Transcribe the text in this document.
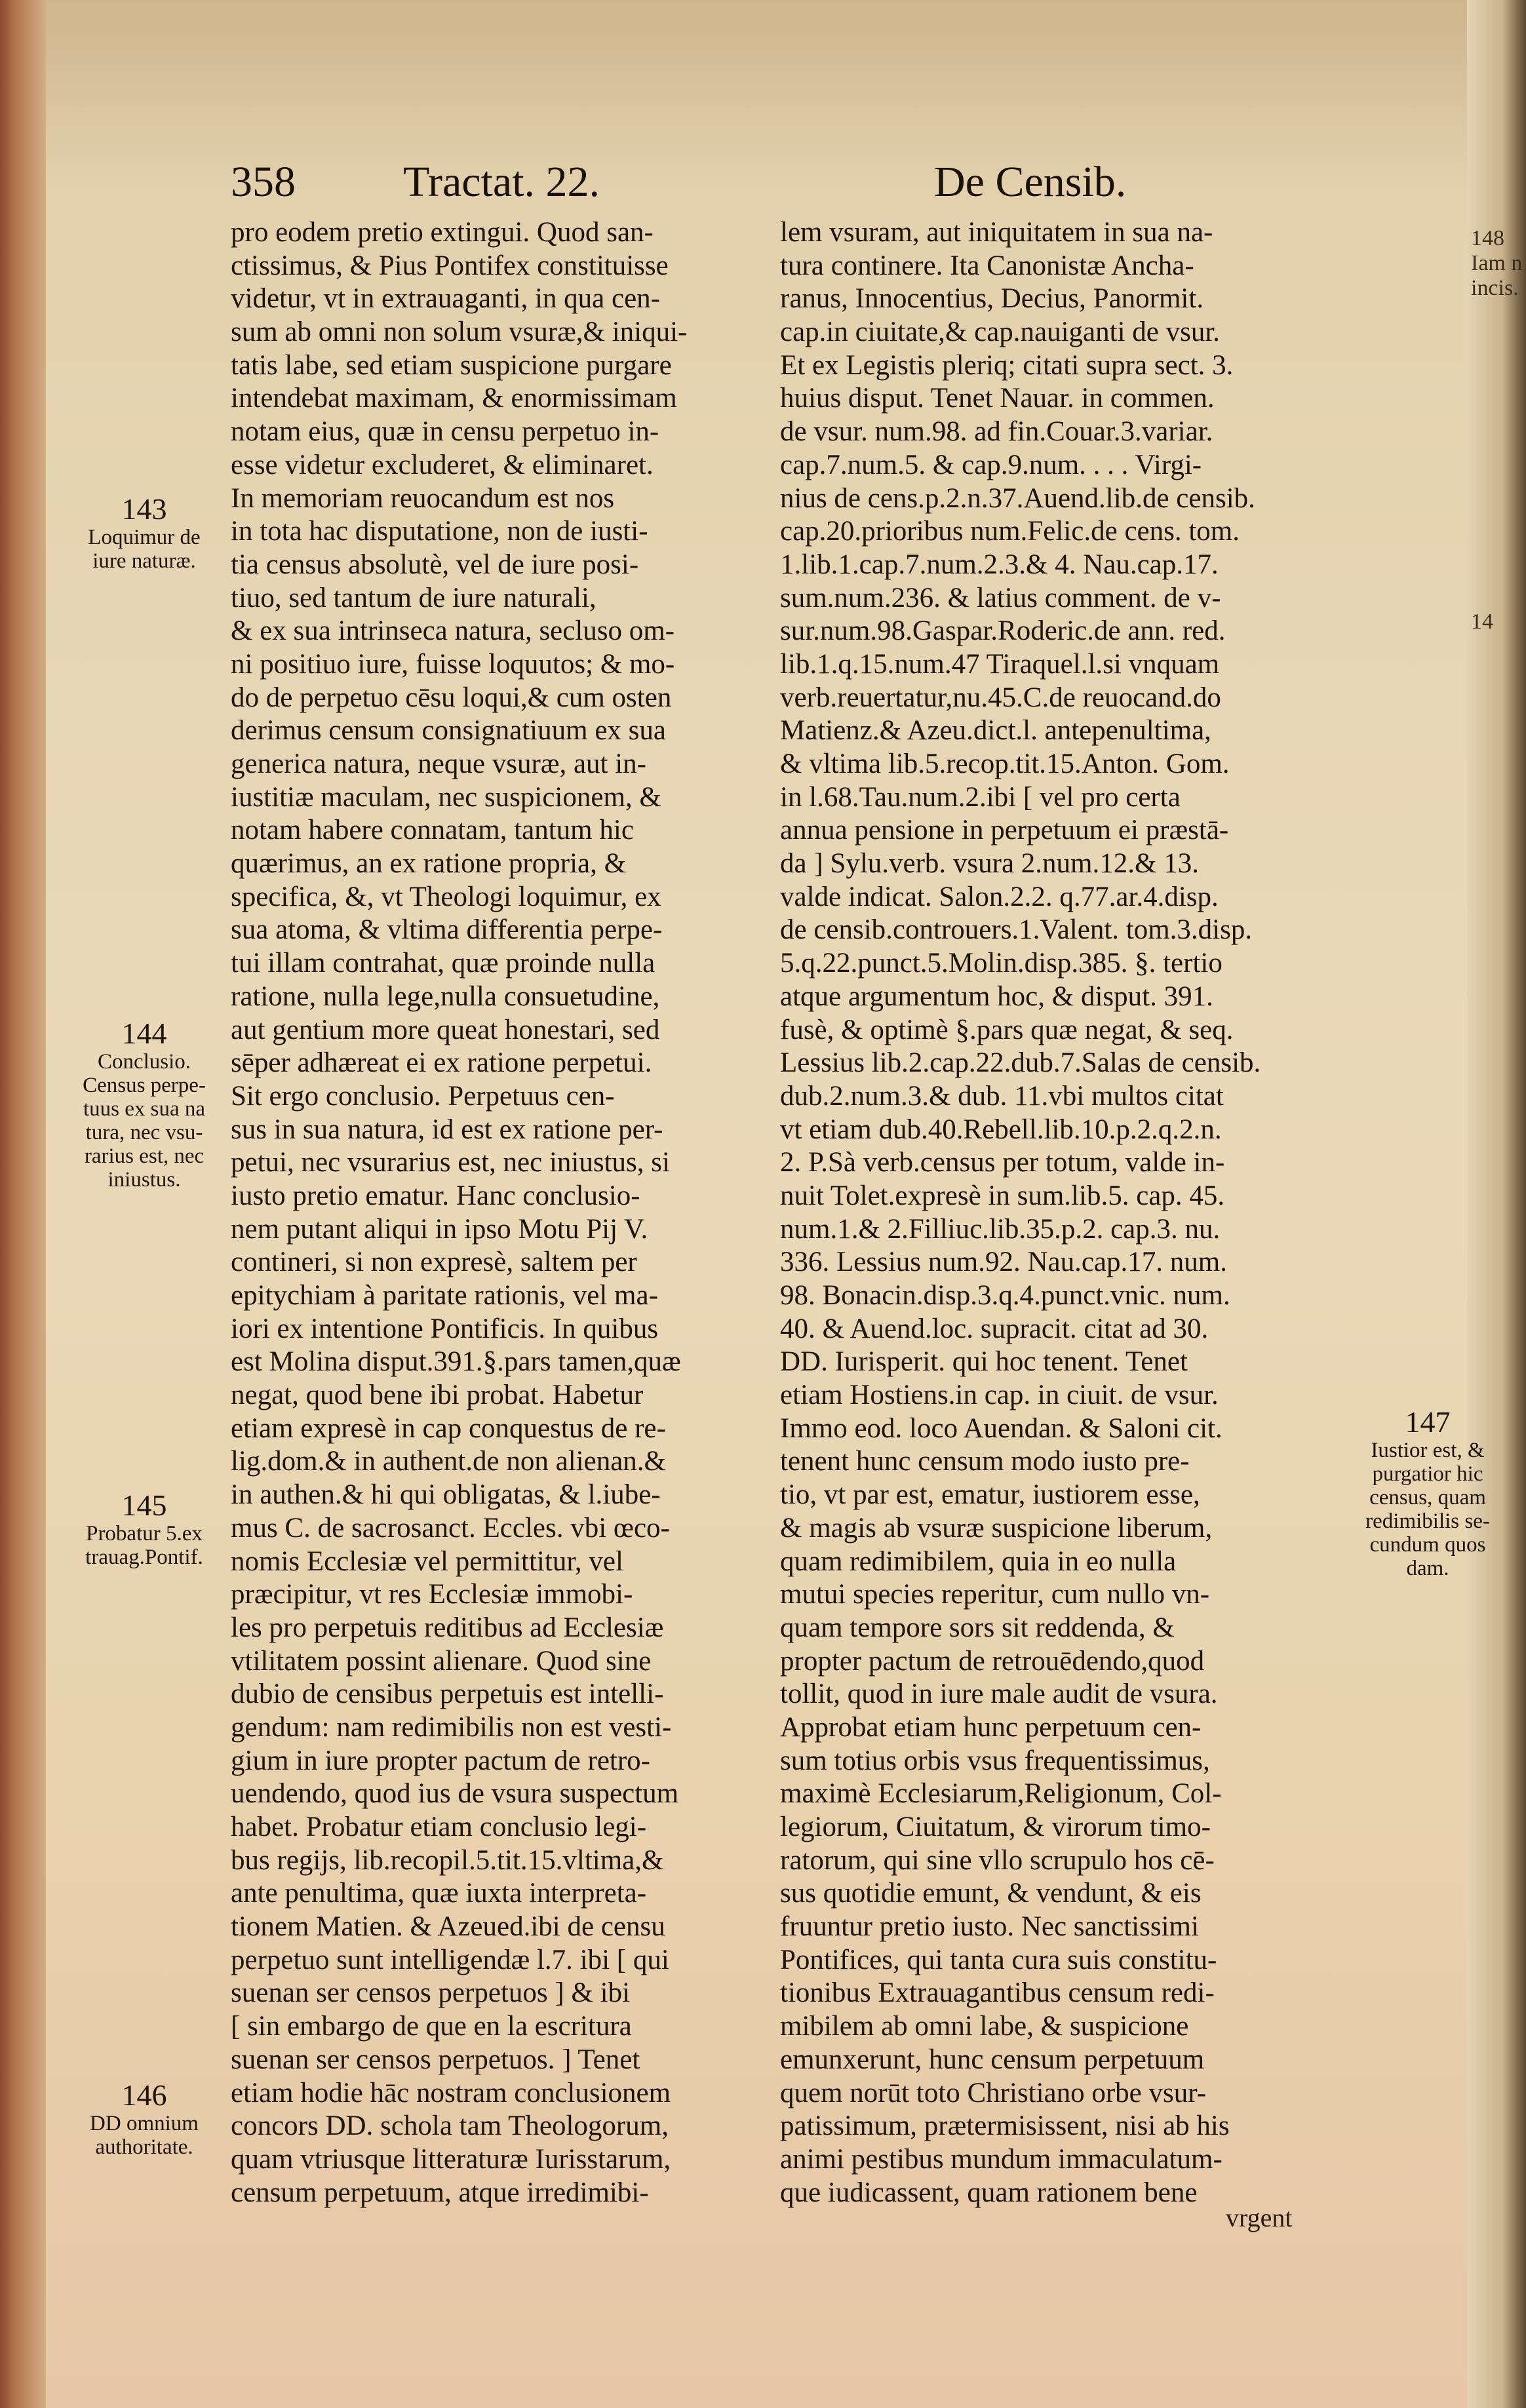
358 Tractat. 22.	De Censib.
pro eodem pretio extingui. Quod san-
ctissimus, & Pius Pontifex constituisse
videtur, vt in extrauaganti, in qua cen-
sum ab omni non solum vsuræ,& iniqui-
tatis labe, sed etiam suspicione purgare
intendebat maximam, & enormissimam
notam eius, quæ in censu perpetuo in-
esse videtur excluderet, & eliminaret.
In memoriam reuocandum est nos
in tota hac disputatione, non de iusti-
tia census absolutè, vel de iure posi-
tiuo, sed tantum de iure naturali,
& ex sua intrinseca natura, secluso om-
ni positiuo iure, fuisse loquutos; & mo-
do de perpetuo cēsu loqui,& cum osten
derimus censum consignatiuum ex sua
generica natura, neque vsuræ, aut in-
iustitiæ maculam, nec suspicionem, &
notam habere connatam, tantum hic
quærimus, an ex ratione propria, &
specifica, &, vt Theologi loquimur, ex
sua atoma, & vltima differentia perpe-
tui illam contrahat, quæ proinde nulla
ratione, nulla lege,nulla consuetudine,
aut gentium more queat honestari, sed
sēper adhæreat ei ex ratione perpetui.
Sit ergo conclusio. Perpetuus cen-
sus in sua natura, id est ex ratione per-
petui, nec vsurarius est, nec iniustus, si
iusto pretio ematur. Hanc conclusio-
nem putant aliqui in ipso Motu Pij V.
contineri, si non expresè, saltem per
epitychiam à paritate rationis, vel ma-
iori ex intentione Pontificis. In quibus
est Molina disput.391.§.pars tamen,quæ
negat, quod bene ibi probat. Habetur
etiam expresè in cap conquestus de re-
lig.dom.& in authent.de non alienan.&
in authen.& hi qui obligatas, & l.iube-
mus C. de sacrosanct. Eccles. vbi œco-
nomis Ecclesiæ vel permittitur, vel
præcipitur, vt res Ecclesiæ immobi-
les pro perpetuis reditibus ad Ecclesiæ
vtilitatem possint alienare. Quod sine
dubio de censibus perpetuis est intelli-
gendum: nam redimibilis non est vesti-
gium in iure propter pactum de retro-
uendendo, quod ius de vsura suspectum
habet. Probatur etiam conclusio legi-
bus regijs, lib.recopil.5.tit.15.vltima,&
ante penultima, quæ iuxta interpreta-
tionem Matien. & Azeued.ibi de censu
perpetuo sunt intelligendæ l.7. ibi [ qui
suenan ser censos perpetuos ] & ibi
[ sin embargo de que en la escritura
suenan ser censos perpetuos. ] Tenet
etiam hodie hāc nostram conclusionem
concors DD. schola tam Theologorum,
quam vtriusque litteraturæ Iurisstarum,
censum perpetuum, atque irredimibi-
lem vsuram, aut iniquitatem in sua na-
tura continere. Ita Canonistæ Ancha-
ranus, Innocentius, Decius, Panormit.
cap.in ciuitate,& cap.nauiganti de vsur.
Et ex Legistis pleriq; citati supra sect. 3.
huius disput. Tenet Nauar. in commen.
de vsur. num.98. ad fin.Couar.3.variar.
cap.7.num.5. & cap.9.num. . . . Virgi-
nius de cens.p.2.n.37.Auend.lib.de censib.
cap.20.prioribus num.Felic.de cens. tom.
1.lib.1.cap.7.num.2.3.& 4. Nau.cap.17.
sum.num.236. & latius comment. de v-
sur.num.98.Gaspar.Roderic.de ann. red.
lib.1.q.15.num.47 Tiraquel.l.si vnquam
verb.reuertatur,nu.45.C.de reuocand.do
Matienz.& Azeu.dict.l. antepenultima,
& vltima lib.5.recop.tit.15.Anton. Gom.
in l.68.Tau.num.2.ibi [ vel pro certa
annua pensione in perpetuum ei præstā-
da ] Sylu.verb. vsura 2.num.12.& 13.
valde indicat. Salon.2.2. q.77.ar.4.disp.
de censib.controuers.1.Valent. tom.3.disp.
5.q.22.punct.5.Molin.disp.385. §. tertio
atque argumentum hoc, & disput. 391.
fusè, & optimè §.pars quæ negat, & seq.
Lessius lib.2.cap.22.dub.7.Salas de censib.
dub.2.num.3.& dub. 11.vbi multos citat
vt etiam dub.40.Rebell.lib.10.p.2.q.2.n.
2. P.Sà verb.census per totum, valde in-
nuit Tolet.expresè in sum.lib.5. cap. 45.
num.1.& 2.Filliuc.lib.35.p.2. cap.3. nu.
336. Lessius num.92. Nau.cap.17. num.
98. Bonacin.disp.3.q.4.punct.vnic. num.
40. & Auend.loc. supracit. citat ad 30.
DD. Iurisperit. qui hoc tenent. Tenet
etiam Hostiens.in cap. in ciuit. de vsur.
Immo eod. loco Auendan. & Saloni cit.
tenent hunc censum modo iusto pre-
tio, vt par est, ematur, iustiorem esse,
& magis ab vsuræ suspicione liberum,
quam redimibilem, quia in eo nulla
mutui species reperitur, cum nullo vn-
quam tempore sors sit reddenda, &
propter pactum de retrouēdendo,quod
tollit, quod in iure male audit de vsura.
Approbat etiam hunc perpetuum cen-
sum totius orbis vsus frequentissimus,
maximè Ecclesiarum,Religionum, Col-
legiorum, Ciuitatum, & virorum timo-
ratorum, qui sine vllo scrupulo hos cē-
sus quotidie emunt, & vendunt, & eis
fruuntur pretio iusto. Nec sanctissimi
Pontifices, qui tanta cura suis constitu-
tionibus Extrauagantibus censum redi-
mibilem ab omni labe, & suspicione
emunxerunt, hunc censum perpetuum
quem norūt toto Christiano orbe vsur-
patissimum, prætermisissent, nisi ab his
animi pestibus mundum immaculatum-
que iudicassent, quam rationem bene
vrgent
143
Loquimur de
iure naturæ.
144
Conclusio.
Census perpe-
tuus ex sua na
tura, nec vsu-
rarius est, nec
iniustus.
145
Probatur 5.ex
trauag.Pontif.
146
DD omnium
authoritate.
147
Iustior est, &
purgatior hic
census, quam
redimibilis se-
cundum quos
dam.
148
Iam n
incis.
14
